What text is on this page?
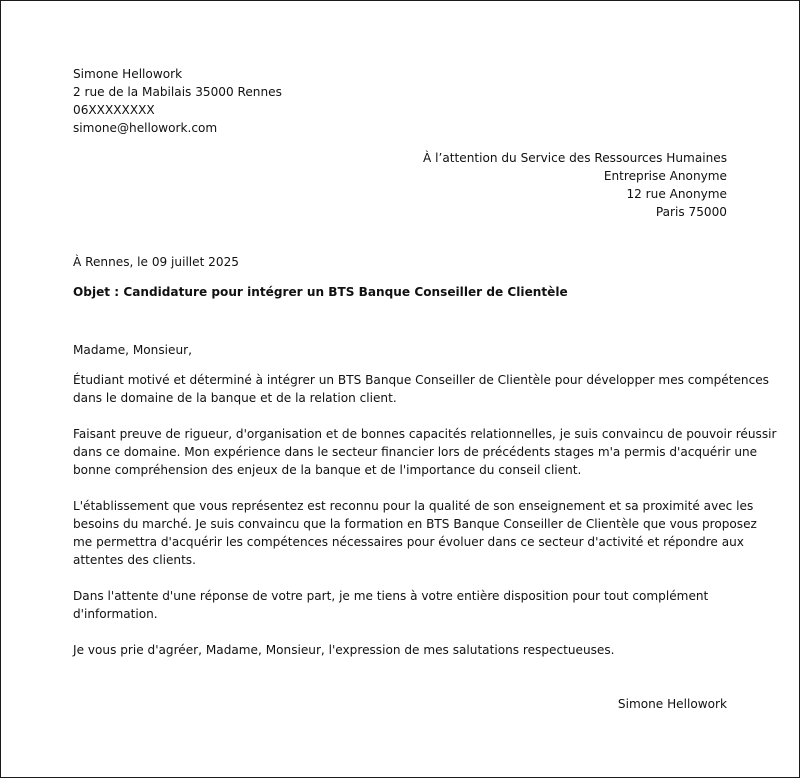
Simone Hellowork
2 rue de la Mabilais 35000 Rennes
06XXXXXXXX
simone@hellowork.com
À l’attention du Service des Ressources Humaines
Entreprise Anonyme
12 rue Anonyme
Paris 75000
À Rennes, le 09 juillet 2025
Objet : Candidature pour intégrer un BTS Banque Conseiller de Clientèle
Madame, Monsieur,
Étudiant motivé et déterminé à intégrer un BTS Banque Conseiller de Clientèle pour développer mes compétences
dans le domaine de la banque et de la relation client.
Faisant preuve de rigueur, d'organisation et de bonnes capacités relationnelles, je suis convaincu de pouvoir réussir
dans ce domaine. Mon expérience dans le secteur financier lors de précédents stages m'a permis d'acquérir une
bonne compréhension des enjeux de la banque et de l'importance du conseil client.
L'établissement que vous représentez est reconnu pour la qualité de son enseignement et sa proximité avec les
besoins du marché. Je suis convaincu que la formation en BTS Banque Conseiller de Clientèle que vous proposez
me permettra d'acquérir les compétences nécessaires pour évoluer dans ce secteur d'activité et répondre aux
attentes des clients.
Dans l'attente d'une réponse de votre part, je me tiens à votre entière disposition pour tout complément
d'information.
Je vous prie d'agréer, Madame, Monsieur, l'expression de mes salutations respectueuses.
Simone Hellowork
